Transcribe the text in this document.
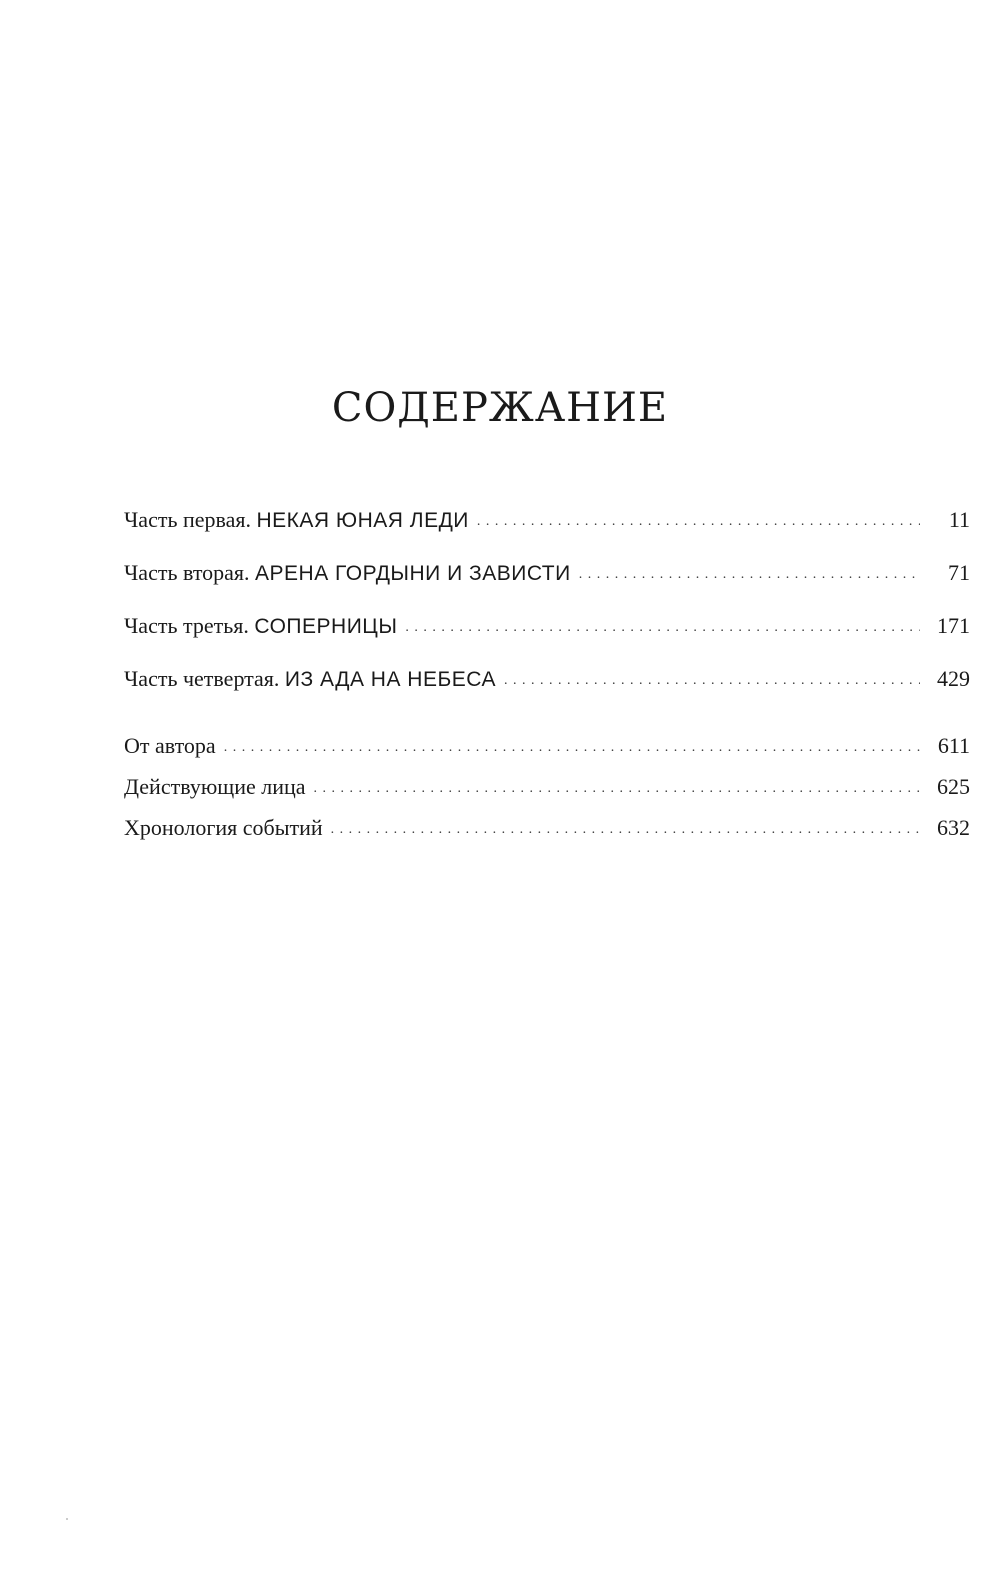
СОДЕРЖАНИЕ
Часть первая. НЕКАЯ ЮНАЯ ЛЕДИ . . .	11
Часть вторая. АРЕНА ГОРДЫНИ И ЗАВИСТИ . . .	71
Часть третья. СОПЕРНИЦЫ . . .	171
Часть четвертая. ИЗ АДА НА НЕБЕСА . . .	429
От автора . . .	611
Действующие лица . . .	625
Хронология событий . . .	632
